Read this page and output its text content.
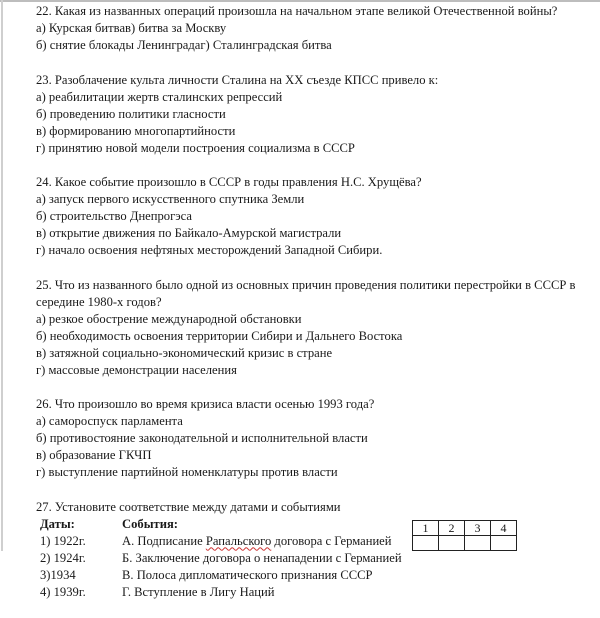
22. Какая из названных операций произошла на начальном этапе великой Отечественной войны?
а) Курская битвав) битва за Москву
б) снятие блокады Ленинградаг) Сталинградская битва
23. Разоблачение культа личности Сталина на XX съезде КПСС привело к:
а) реабилитации жертв сталинских репрессий
б) проведению политики гласности
в) формированию многопартийности
г) принятию новой модели построения социализма в СССР
24. Какое событие произошло в СССР в годы правления Н.С. Хрущёва?
а) запуск первого искусственного спутника Земли
б) строительство Днепрогэса
в) открытие движения по Байкало-Амурской магистрали
г) начало освоения нефтяных месторождений Западной Сибири.
25. Что из названного было одной из основных причин проведения политики перестройки в СССР в середине 1980-х годов?
а) резкое обострение международной обстановки
б) необходимость освоения территории Сибири и Дальнего Востока
в) затяжной социально-экономический кризис в стране
г) массовые демонстрации населения
26. Что произошло во время кризиса власти осенью 1993 года?
а) самороспуск парламента
б) противостояние законодательной и исполнительной власти
в) образование ГКЧП
г) выступление партийной номенклатуры против власти
27. Установите соответствие между датами и событиями
Даты:	События:
1) 1922г.	А. Подписание Рапальского договора с Германией
2) 1924г.	Б. Заключение договора о ненападении с Германией
3)1934	В. Полоса дипломатического признания СССР
4) 1939г.	Г. Вступление в Лигу Наций
1	2	3	4
